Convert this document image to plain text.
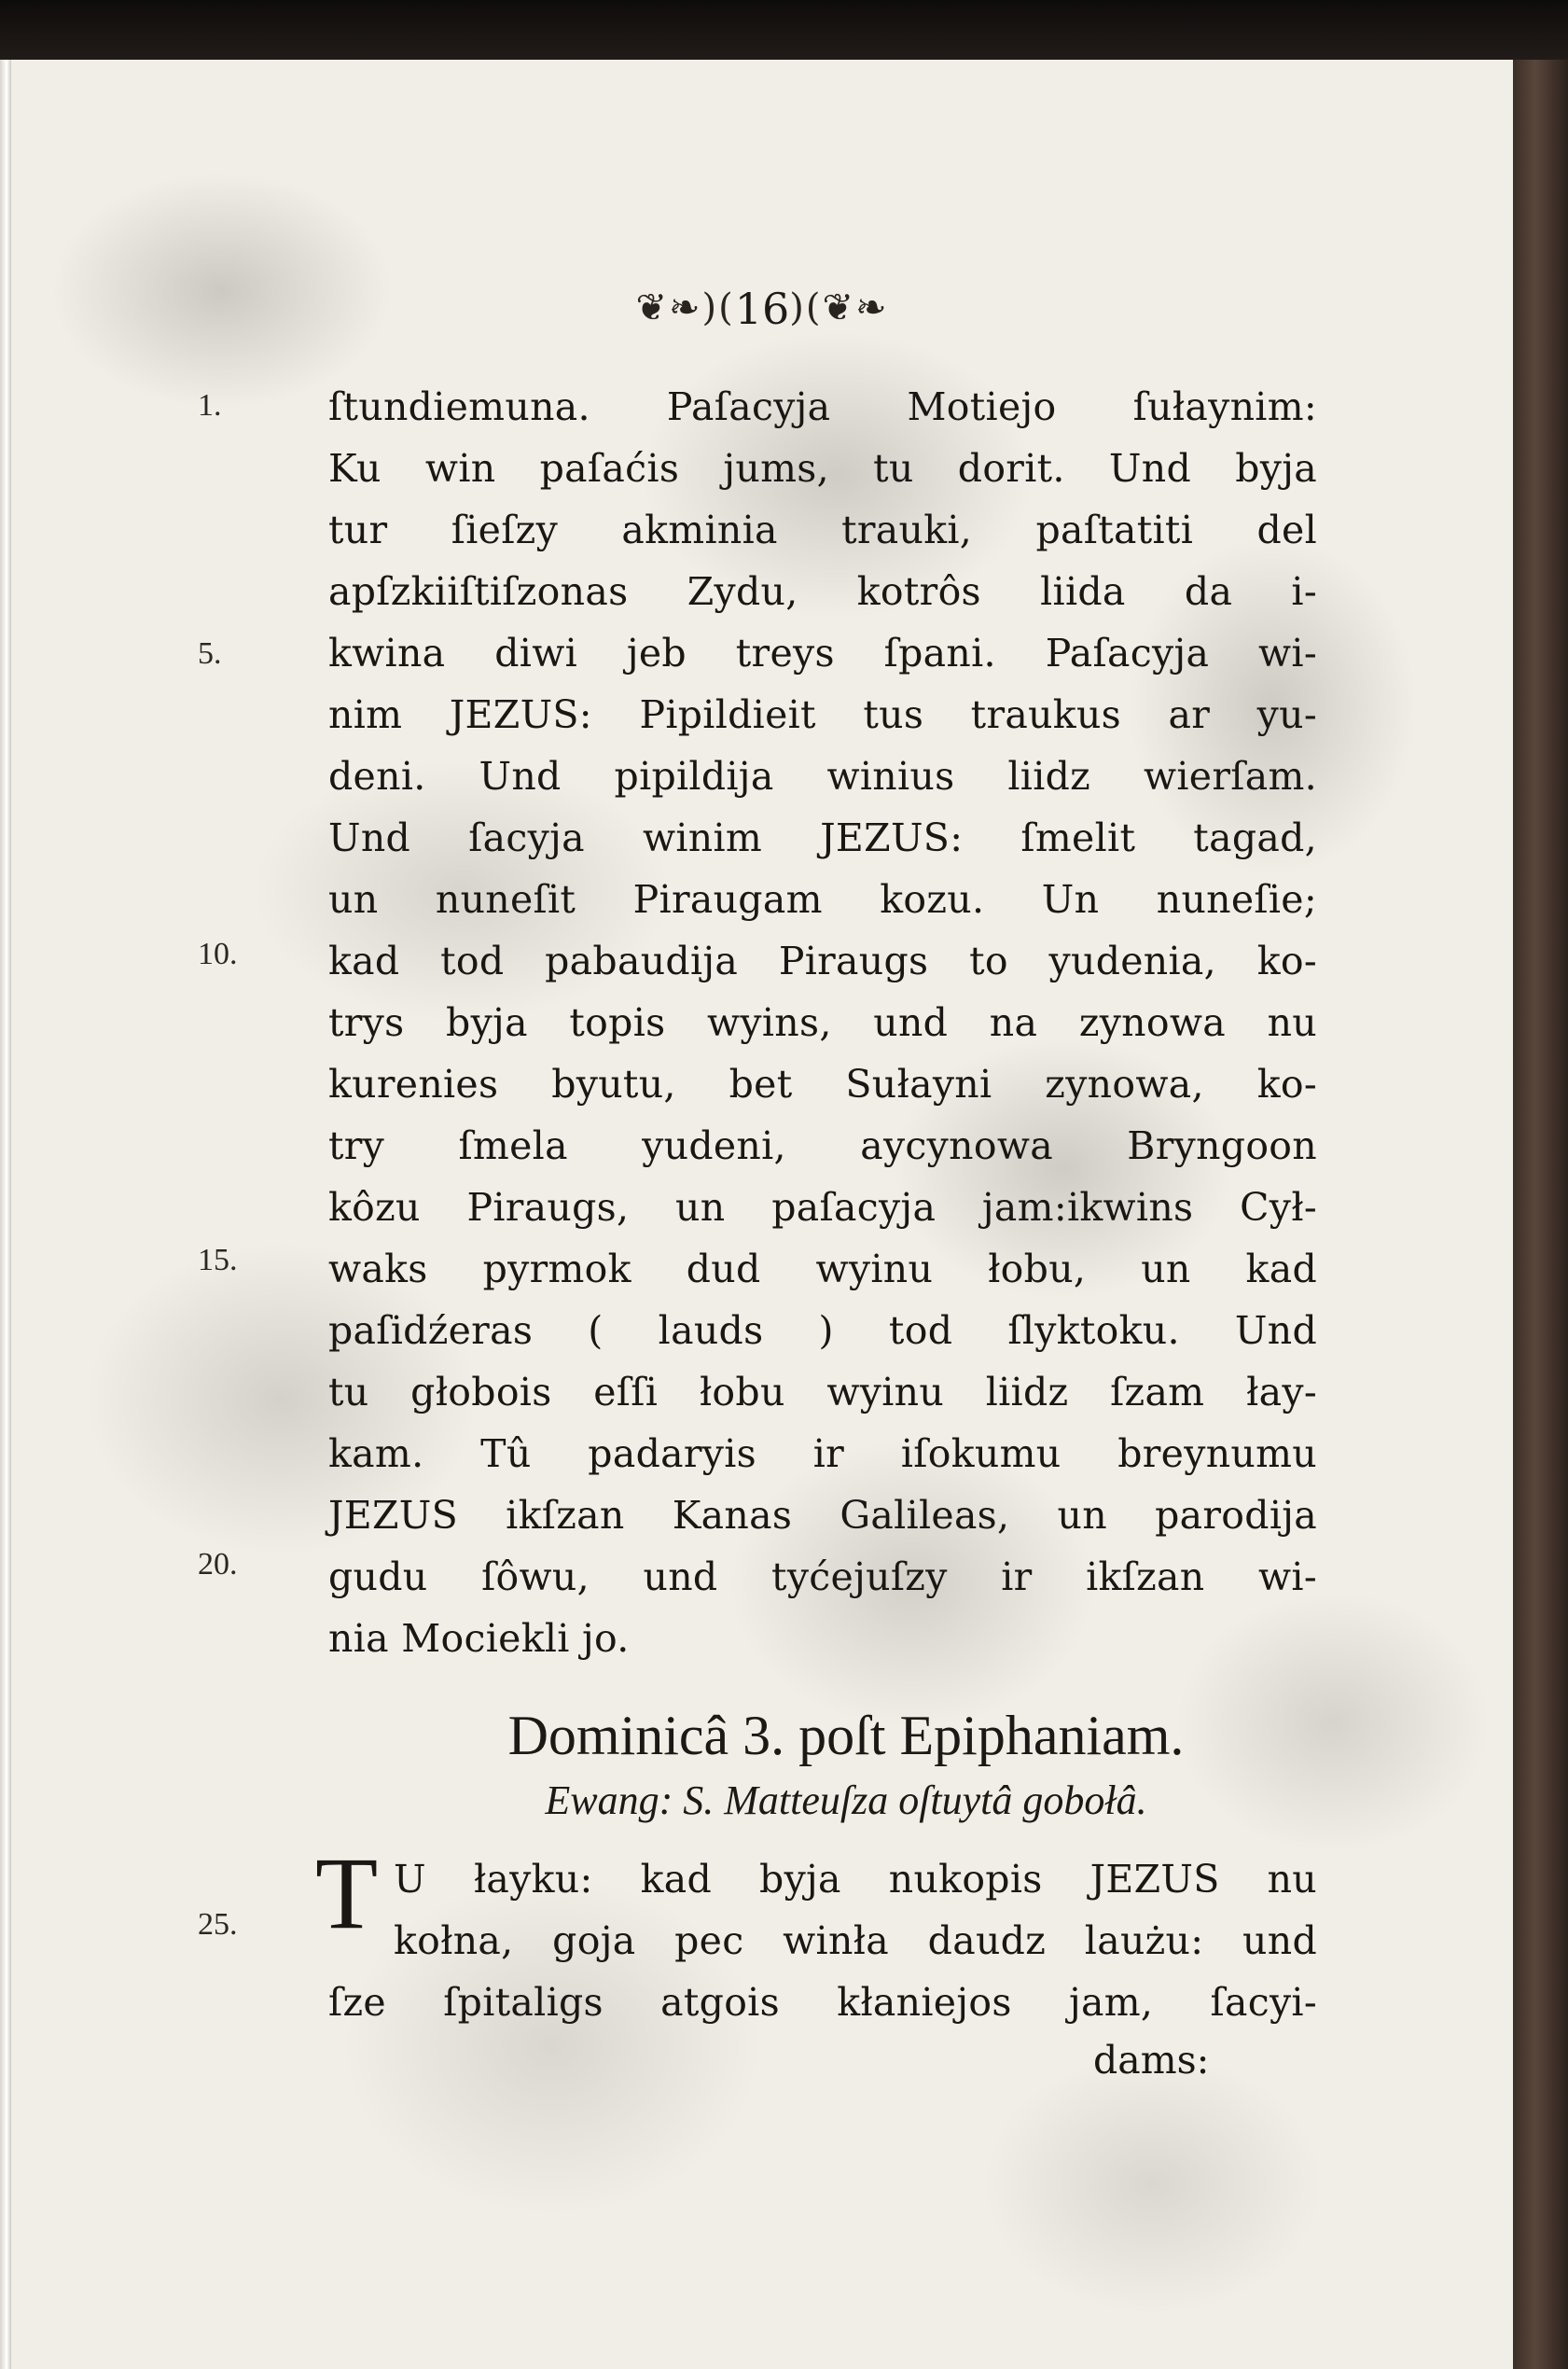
❦❧)(16)(❦❧
1.
5.
10.
15.
20.
25.
ſtundiemuna. Paſacyja Motiejo ſułaynim:
Ku win paſaćis jums, tu dorit. Und byja
tur ſieſzy akminia trauki, paſtatiti del
apſzkiiſtiſzonas Zydu, kotrôs liida da i-
kwina diwi jeb treys ſpani. Paſacyja wi-
nim JEZUS: Pipildieit tus traukus ar yu-
deni. Und pipildija winius liidz wierſam.
Und ſacyja winim JEZUS: ſmelit tagad,
un nuneſit Piraugam kozu. Un nuneſie;
kad tod pabaudija Piraugs to yudenia, ko-
trys byja topis wyins, und na zynowa nu
kurenies byutu, bet Sułayni zynowa, ko-
try ſmela yudeni, aycynowa Bryngoon
kôzu Piraugs, un paſacyja jam:ikwins Cył-
waks pyrmok dud wyinu łobu, un kad
paſidźeras ( lauds ) tod ſlyktoku. Und
tu głobois eſſi łobu wyinu liidz ſzam łay-
kam. Tû padaryis ir iſokumu breynumu
JEZUS ikſzan Kanas Galileas, un parodija
gudu ſôwu, und tyćejuſzy ir ikſzan wi-
nia Mociekli jo.
Dominicâ 3. poſt Epiphaniam.
Ewang: S. Matteuſza oſtuytâ gobołâ.
T U łayku: kad byja nukopis JEZUS nu
kołna, goja pec winła daudz laużu: und
ſze ſpitaligs atgois kłaniejos jam, ſacyi-
dams:
